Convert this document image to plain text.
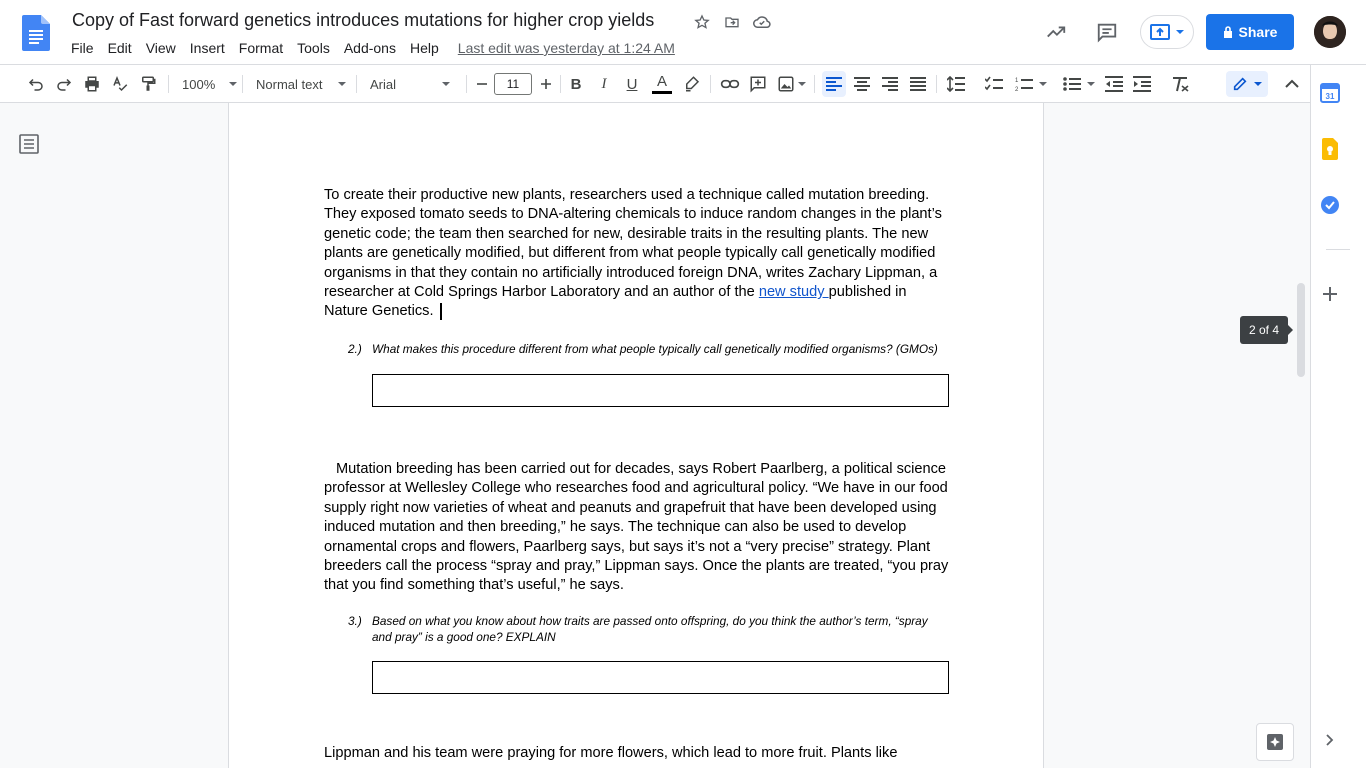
Copy of Fast forward genetics introduces mutations for higher crop yields
File	Edit	View	Insert	Format	Tools	Add-ons	Help	Last edit was yesterday at 1:24 AM
Share
100%	Normal text	Arial	B	I	U	A	1
2
11
To create their productive new plants, researchers used a technique called mutation breeding. They exposed tomato seeds to DNA-altering chemicals to induce random changes in the plant’s genetic code; the team then searched for new, desirable traits in the resulting plants. The new plants are genetically modified, but different from what people typically call genetically modified organisms in that they contain no artificially introduced foreign DNA, writes Zachary Lippman, a researcher at Cold Springs Harbor Laboratory and an author of the new study published in Nature Genetics.
2.) What makes this procedure different from what people typically call genetically modified organisms? (GMOs)
Mutation breeding has been carried out for decades, says Robert Paarlberg, a political science professor at Wellesley College who researches food and agricultural policy. “We have in our food supply right now varieties of wheat and peanuts and grapefruit that have been developed using induced mutation and then breeding,” he says. The technique can also be used to develop ornamental crops and flowers, Paarlberg says, but says it’s not a “very precise” strategy. Plant breeders call the process “spray and pray,” Lippman says. Once the plants are treated, “you pray that you find something that’s useful,” he says.
3.) Based on what you know about how traits are passed onto offspring, do you think the author’s term, “spray and pray” is a good one? EXPLAIN
Lippman and his team were praying for more flowers, which lead to more fruit. Plants like
2 of 4
31
